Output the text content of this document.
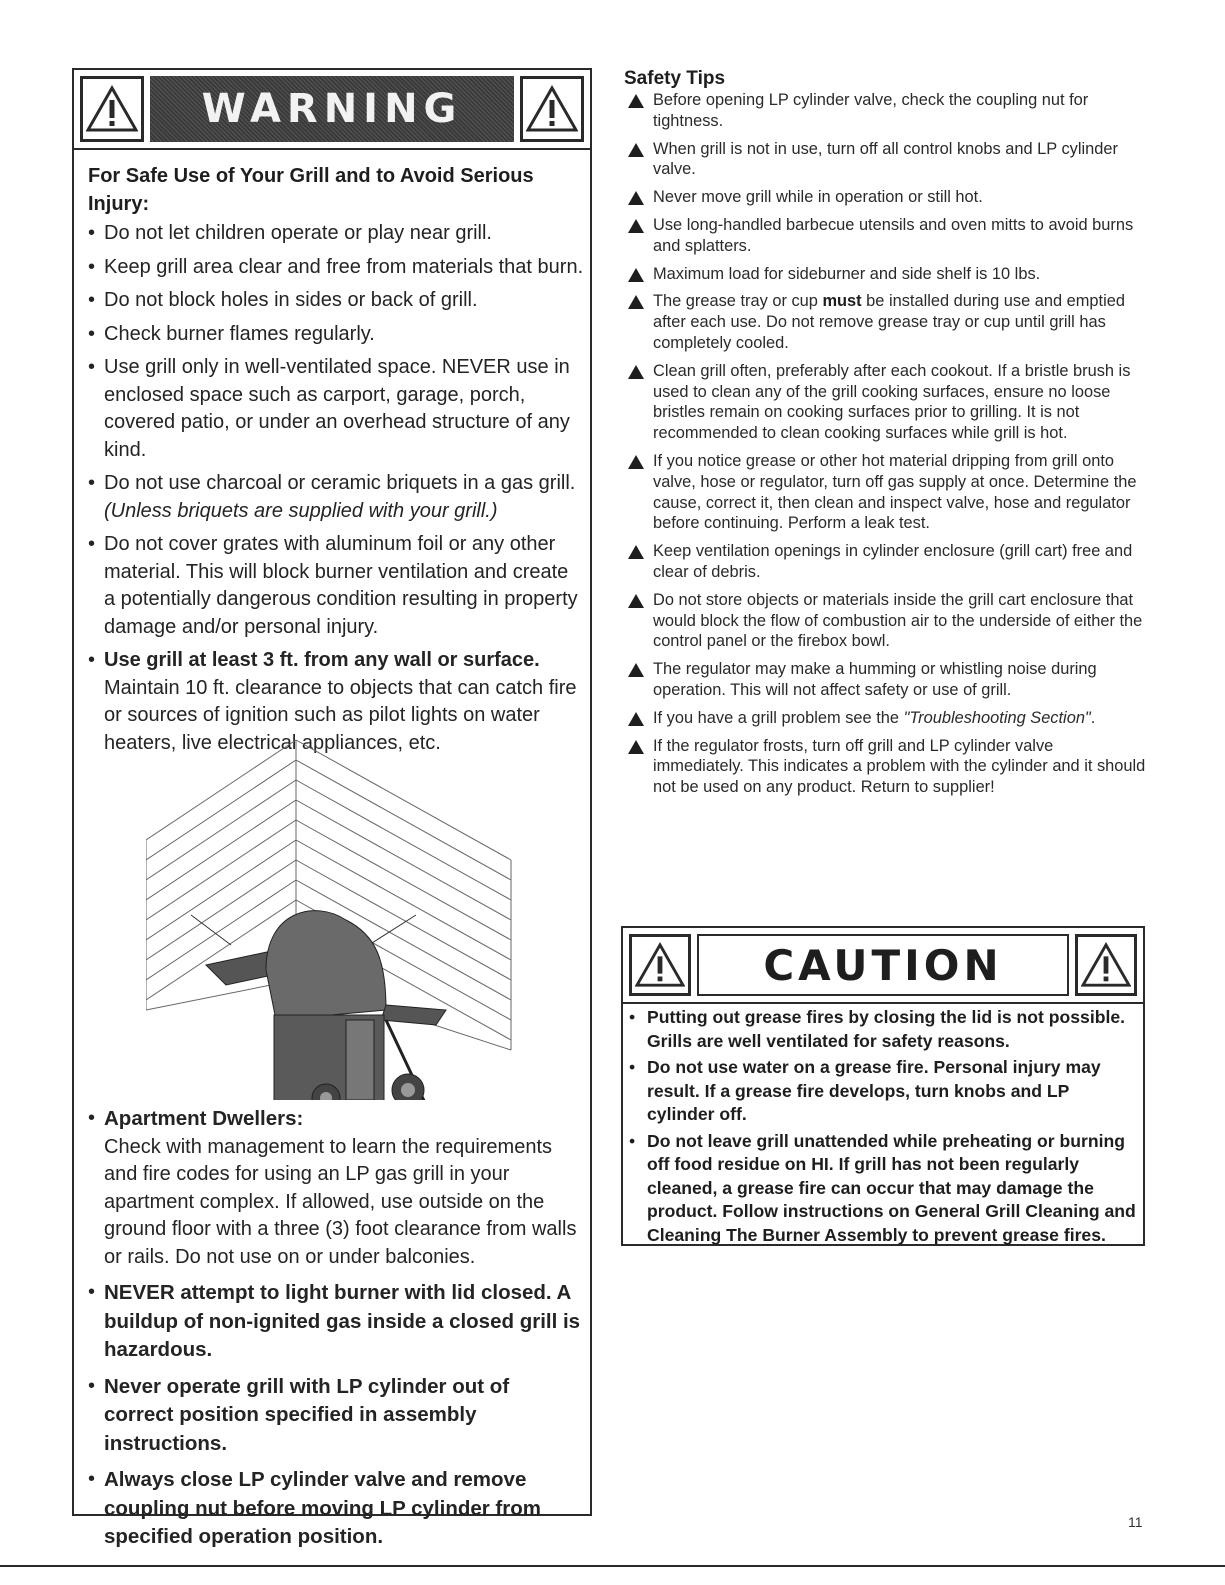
WARNING
For Safe Use of Your Grill and to Avoid Serious Injury:
• Do not let children operate or play near grill.
• Keep grill area clear and free from materials that burn.
• Do not block holes in sides or back of grill.
• Check burner flames regularly.
• Use grill only in well-ventilated space. NEVER use in enclosed space such as carport, garage, porch, covered patio, or under an overhead structure of any kind.
• Do not use charcoal or ceramic briquets in a gas grill.
(Unless briquets are supplied with your grill.)
• Do not cover grates with aluminum foil or any other material. This will block burner ventilation and create a potentially dangerous condition resulting in property damage and/or personal injury.
• Use grill at least 3 ft. from any wall or surface.
Maintain 10 ft. clearance to objects that can catch fire or sources of ignition such as pilot lights on water heaters, live electrical appliances, etc.
• Apartment Dwellers:
Check with management to learn the requirements and fire codes for using an LP gas grill in your apartment complex. If allowed, use outside on the ground floor with a three (3) foot clearance from walls or rails. Do not use on or under balconies.
• NEVER attempt to light burner with lid closed. A buildup of non-ignited gas inside a closed grill is hazardous.
• Never operate grill with LP cylinder out of correct position specified in assembly instructions.
• Always close LP cylinder valve and remove coupling nut before moving LP cylinder from specified operation position.
Safety Tips
Before opening LP cylinder valve, check the coupling nut for tightness.
When grill is not in use, turn off all control knobs and LP cylinder valve.
Never move grill while in operation or still hot.
Use long-handled barbecue utensils and oven mitts to avoid burns and splatters.
Maximum load for sideburner and side shelf is 10 lbs.
The grease tray or cup must be installed during use and emptied after each use. Do not remove grease tray or cup until grill has completely cooled.
Clean grill often, preferably after each cookout. If a bristle brush is used to clean any of the grill cooking surfaces, ensure no loose bristles remain on cooking surfaces prior to grilling. It is not recommended to clean cooking surfaces while grill is hot.
If you notice grease or other hot material dripping from grill onto valve, hose or regulator, turn off gas supply at once. Determine the cause, correct it, then clean and inspect valve, hose and regulator before continuing. Perform a leak test.
Keep ventilation openings in cylinder enclosure (grill cart) free and clear of debris.
Do not store objects or materials inside the grill cart enclosure that would block the flow of combustion air to the underside of either the control panel or the firebox bowl.
The regulator may make a humming or whistling noise during operation. This will not affect safety or use of grill.
If you have a grill problem see the "Troubleshooting Section".
If the regulator frosts, turn off grill and LP cylinder valve immediately. This indicates a problem with the cylinder and it should not be used on any product. Return to supplier!
CAUTION
• Putting out grease fires by closing the lid is not possible. Grills are well ventilated for safety reasons.
• Do not use water on a grease fire. Personal injury may result. If a grease fire develops, turn knobs and LP cylinder off.
• Do not leave grill unattended while preheating or burning off food residue on HI. If grill has not been regularly cleaned, a grease fire can occur that may damage the product. Follow instructions on General Grill Cleaning and Cleaning The Burner Assembly to prevent grease fires.
11
